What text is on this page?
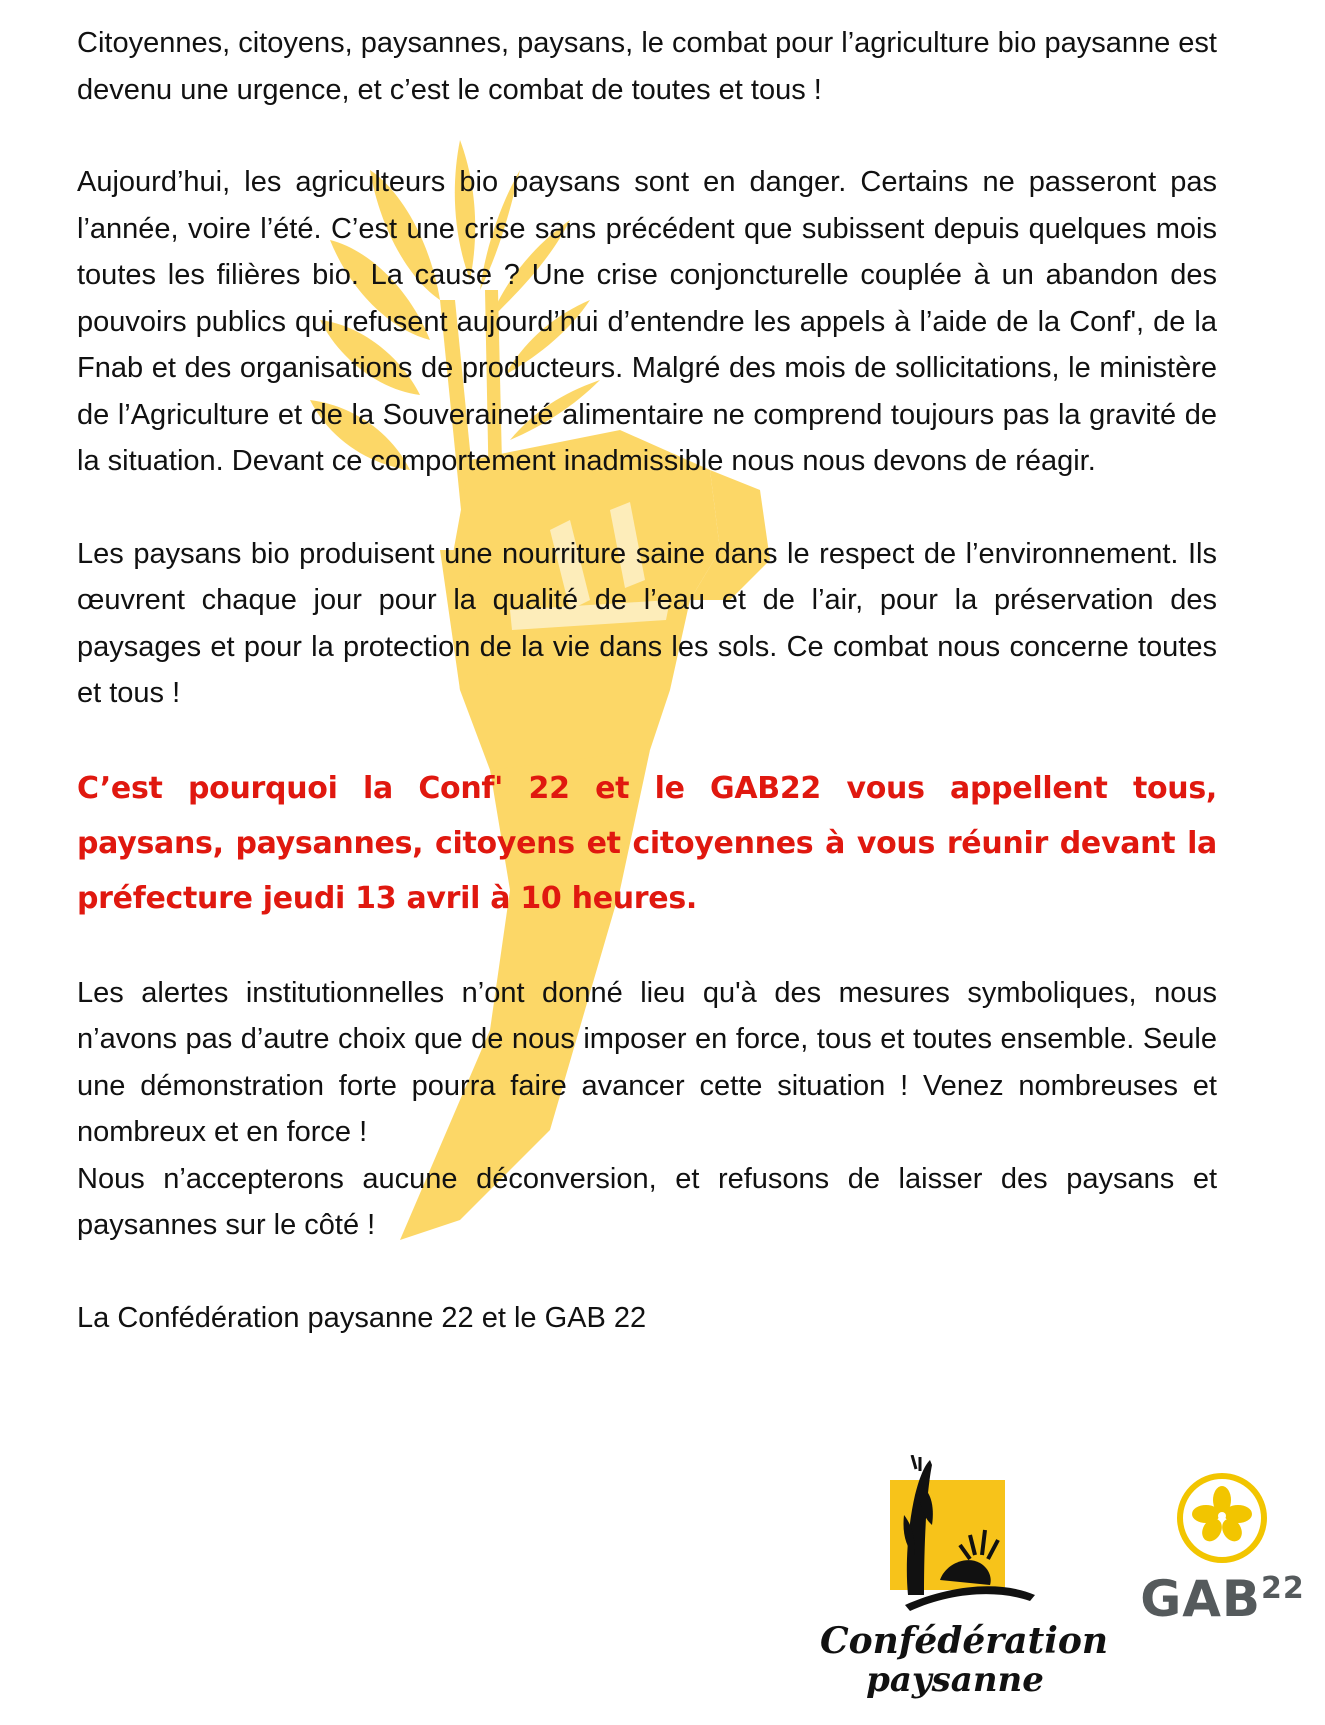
Citoyennes, citoyens, paysannes, paysans, le combat pour l’agriculture bio paysanne est devenu une urgence, et c’est le combat de toutes et tous !

Aujourd’hui, les agriculteurs bio paysans sont en danger. Certains ne passeront pas l’année, voire l’été. C’est une crise sans précédent que subissent depuis quelques mois toutes les filières bio. La cause ? Une crise conjoncturelle couplée à un abandon des pouvoirs publics qui refusent aujourd’hui d’entendre les appels à l’aide de la Conf', de la Fnab et des organisations de producteurs. Malgré des mois de sollicitations, le ministère de l’Agriculture et de la Souveraineté alimentaire ne comprend toujours pas la gravité de la situation. Devant ce comportement inadmissible nous nous devons de réagir.

Les paysans bio produisent une nourriture saine dans le respect de l’environnement. Ils œuvrent chaque jour pour la qualité de l’eau et de l’air, pour la préservation des paysages et pour la protection de la vie dans les sols. Ce combat nous concerne toutes et tous !

C’est pourquoi la Conf' 22 et le GAB22 vous appellent tous, paysans, paysannes, citoyens et citoyennes à vous réunir devant la préfecture jeudi 13 avril à 10 heures.

Les alertes institutionnelles n’ont donné lieu qu'à des mesures symboliques, nous n’avons pas d’autre choix que de nous imposer en force, tous et toutes ensemble. Seule une démonstration forte pourra faire avancer cette situation ! Venez nombreuses et nombreux et en force !

Nous n’accepterons aucune déconversion, et refusons de laisser des paysans et paysannes sur le côté !

La Confédération paysanne 22 et le GAB 22

Confédération
paysanne
GAB$^{22}$
